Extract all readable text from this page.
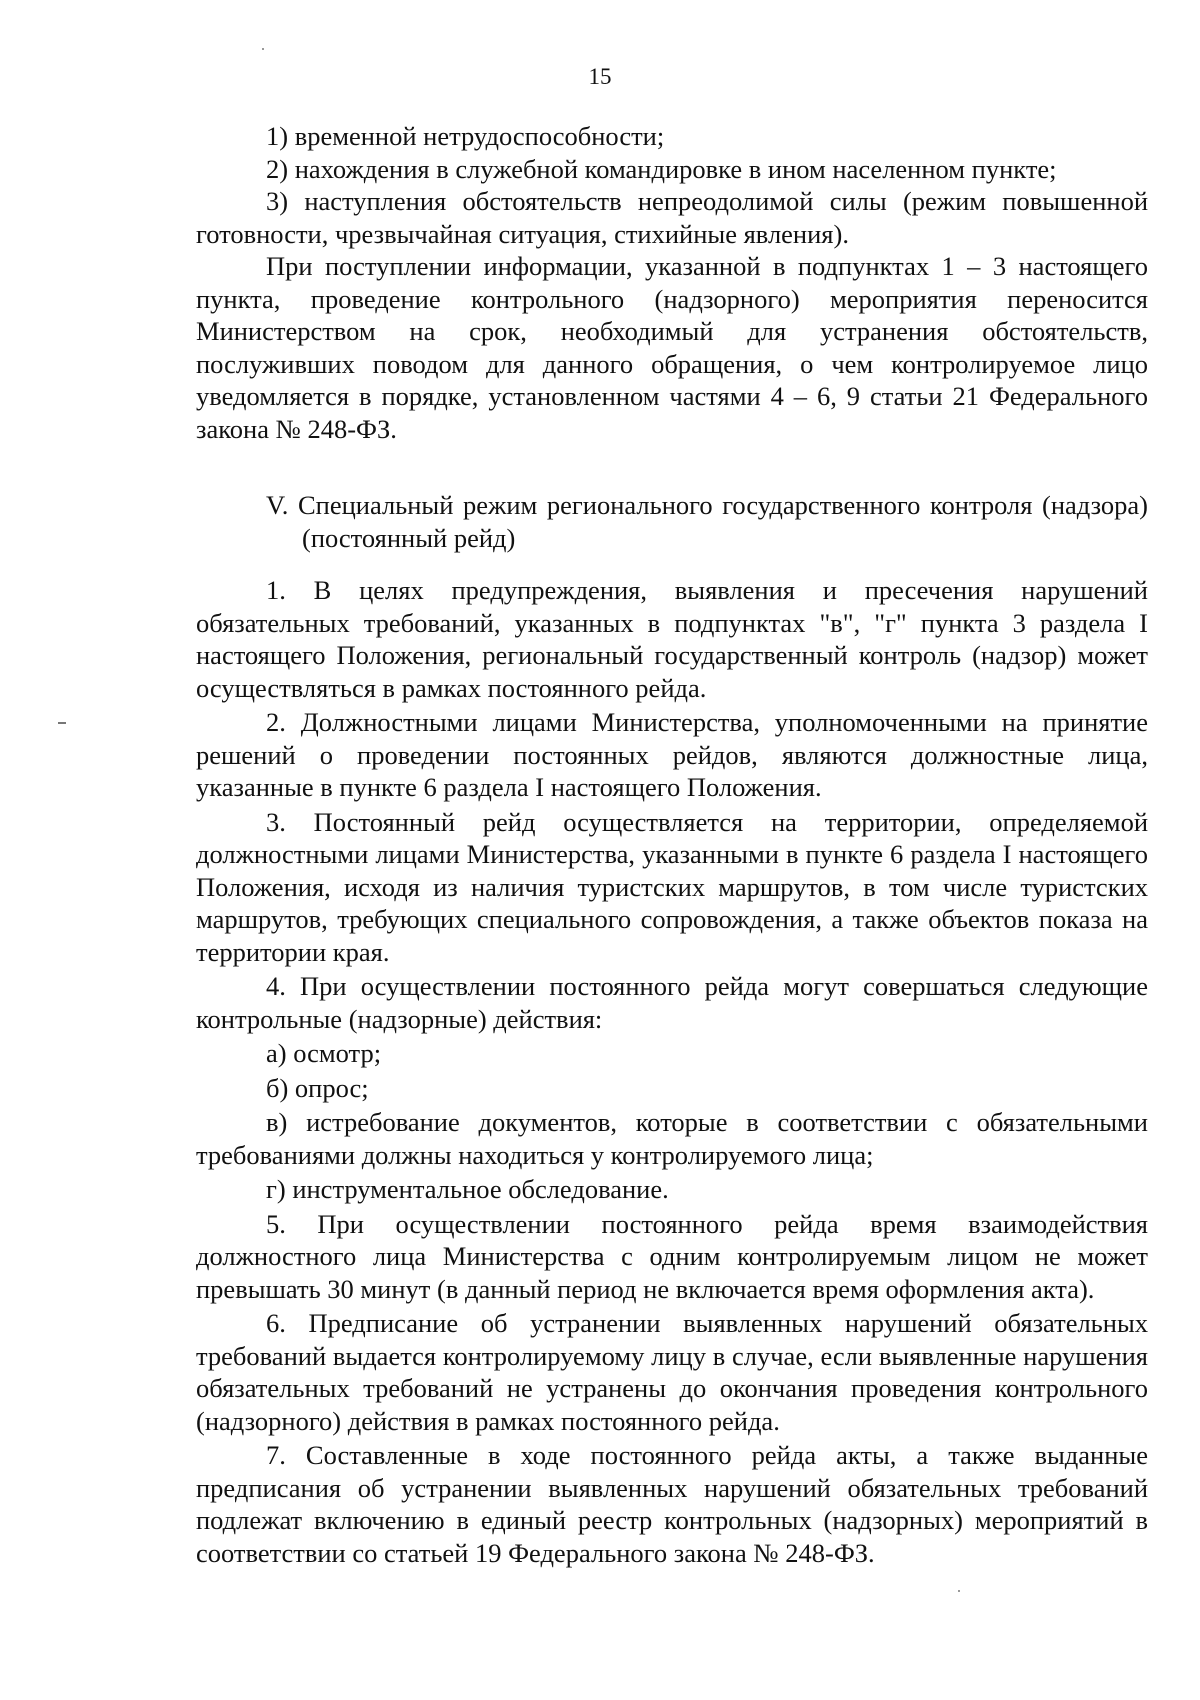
15

1) временной нетрудоспособности;

2) нахождения в служебной командировке в ином населенном пункте;

3) наступления обстоятельств непреодолимой силы (режим повышенной готовности, чрезвычайная ситуация, стихийные явления).

При поступлении информации, указанной в подпунктах 1 – 3 настоящего пункта, проведение контрольного (надзорного) мероприятия переносится Министерством на срок, необходимый для устранения обстоятельств, послуживших поводом для данного обращения, о чем контролируемое лицо уведомляется в порядке, установленном частями 4 – 6, 9 статьи 21 Федерального закона № 248-ФЗ.

V. Специальный режим регионального государственного контроля (надзора) (постоянный рейд)

1. В целях предупреждения, выявления и пресечения нарушений обязательных требований, указанных в подпунктах "в", "г" пункта 3 раздела I настоящего Положения, региональный государственный контроль (надзор) может осуществляться в рамках постоянного рейда.

2. Должностными лицами Министерства, уполномоченными на принятие решений о проведении постоянных рейдов, являются должностные лица, указанные в пункте 6 раздела I настоящего Положения.

3. Постоянный рейд осуществляется на территории, определяемой должностными лицами Министерства, указанными в пункте 6 раздела I настоящего Положения, исходя из наличия туристских маршрутов, в том числе туристских маршрутов, требующих специального сопровождения, а также объектов показа на территории края.

4. При осуществлении постоянного рейда могут совершаться следующие контрольные (надзорные) действия:

а) осмотр;

б) опрос;

в) истребование документов, которые в соответствии с обязательными требованиями должны находиться у контролируемого лица;

г) инструментальное обследование.

5. При осуществлении постоянного рейда время взаимодействия должностного лица Министерства с одним контролируемым лицом не может превышать 30 минут (в данный период не включается время оформления акта).

6. Предписание об устранении выявленных нарушений обязательных требований выдается контролируемому лицу в случае, если выявленные нарушения обязательных требований не устранены до окончания проведения контрольного (надзорного) действия в рамках постоянного рейда.

7. Составленные в ходе постоянного рейда акты, а также выданные предписания об устранении выявленных нарушений обязательных требований подлежат включению в единый реестр контрольных (надзорных) мероприятий в соответствии со статьей 19 Федерального закона № 248-ФЗ.
